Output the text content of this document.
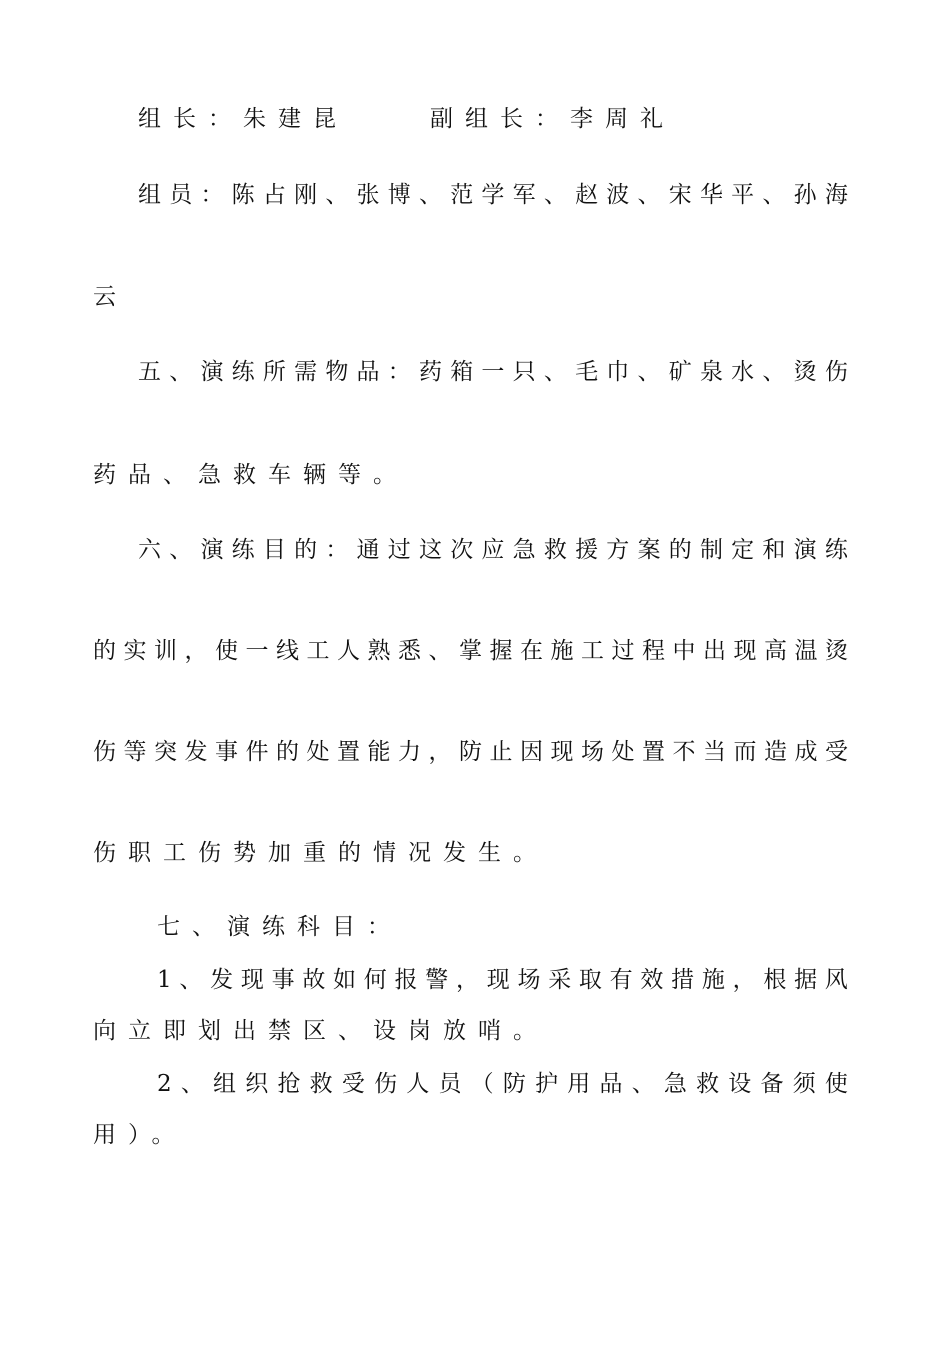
组长：朱建昆	副组长：李周礼
组 员 ： 陈 占 刚 、 张 博 、 范 学 军 、 赵 波 、 宋 华 平 、 孙 海
云
五 、 演 练 所 需 物 品 ： 药 箱 一 只 、 毛 巾 、 矿 泉 水 、 烫 伤
药品、急救车辆等。
六 、 演 练 目 的 ： 通 过 这 次 应 急 救 援 方 案 的 制 定 和 演 练
的 实 训 ， 使 一 线 工 人 熟 悉 、 掌 握 在 施 工 过 程 中 出 现 高 温 烫
伤 等 突 发 事 件 的 处 置 能 力 ， 防 止 因 现 场 处 置 不 当 而 造 成 受
伤职工伤势加重的情况发生。
七、演练科目：
1 、 发 现 事 故 如 何 报 警 ， 现 场 采 取 有 效 措 施 ， 根 据 风
向立即划出禁区、设岗放哨。
2 、 组 织 抢 救 受 伤 人 员 （ 防 护 用 品 、 急 救 设 备 须 使
用）。
